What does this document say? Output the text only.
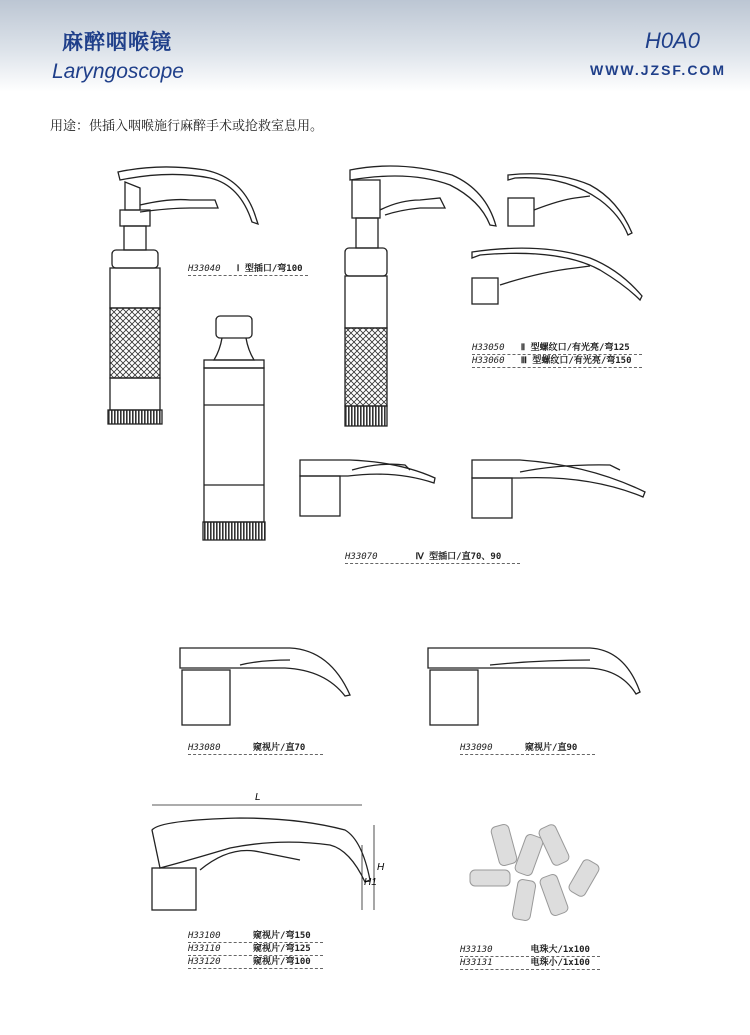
麻醉咽喉镜
Laryngoscope
H0A0
WWW.JZSF.COM
用途：供插入咽喉施行麻醉手术或抢救室息用。
L
H
H1
H33040 Ⅰ 型插口/弯100
H33050 Ⅱ 型螺纹口/有光亮/弯125
H33060 Ⅲ 型螺纹口/有光亮/弯150
H33070	Ⅳ 型插口/直70、90
H33080	窥视片/直70	H33090	窥视片/直90
H33100	窥视片/弯150
H33110	窥视片/弯125
H33120	窥视片/弯100
H33130	电珠大/1x100
H33131	电珠小/1x100
